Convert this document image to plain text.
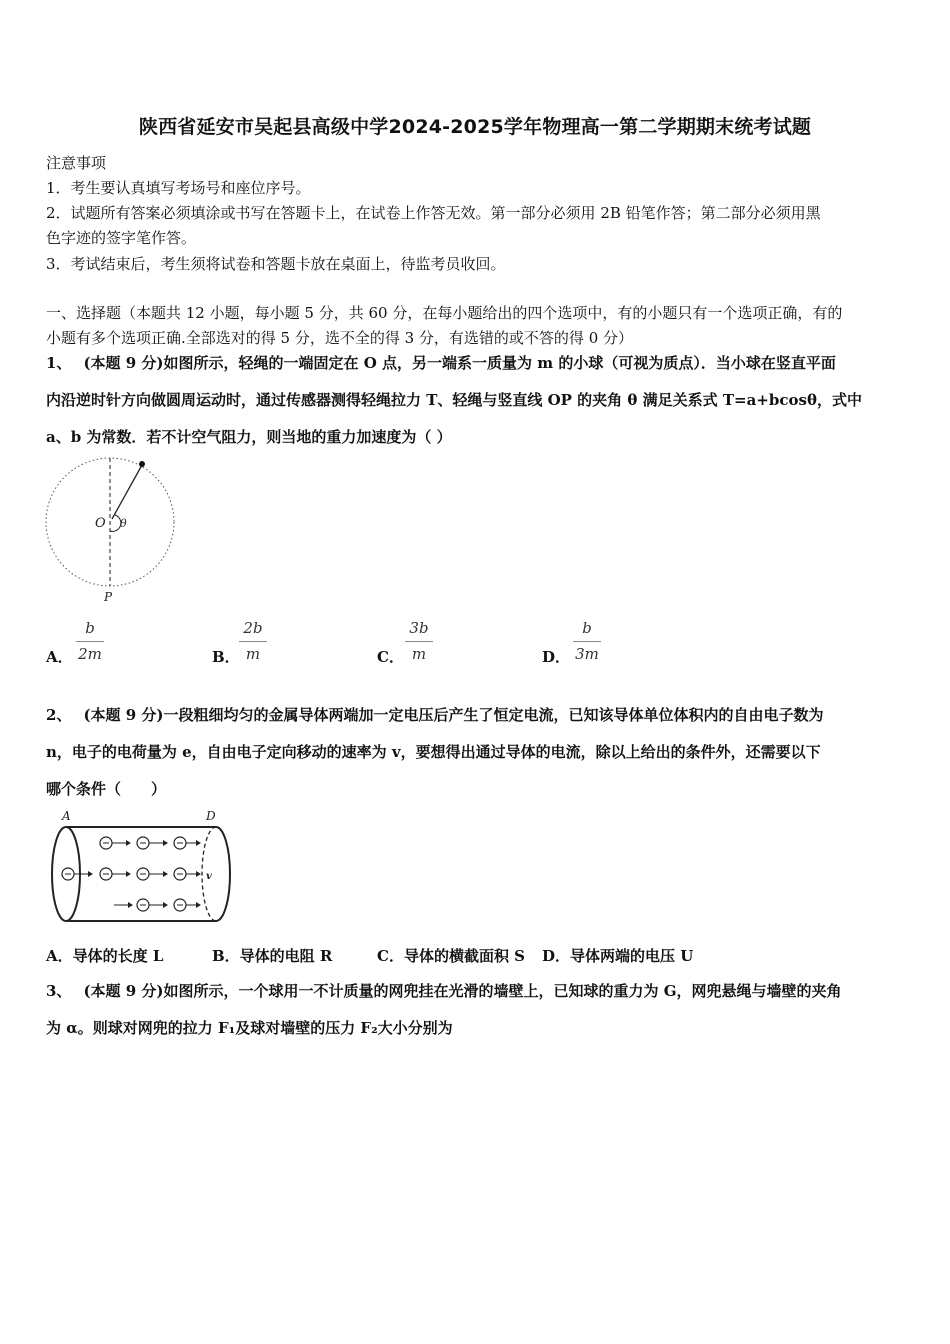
陕西省延安市吴起县高级中学2024-2025学年物理高一第二学期期末统考试题
注意事项
1．考生要认真填写考场号和座位序号。
2．试题所有答案必须填涂或书写在答题卡上，在试卷上作答无效。第一部分必须用 2B 铅笔作答；第二部分必须用黑
色字迹的签字笔作答。
3．考试结束后，考生须将试卷和答题卡放在桌面上，待监考员收回。
一、选择题（本题共 12 小题，每小题 5 分，共 60 分，在每小题给出的四个选项中，有的小题只有一个选项正确，有的
小题有多个选项正确.全部选对的得 5 分，选不全的得 3 分，有选错的或不答的得 0 分）
1、 (本题 9 分)如图所示，轻绳的一端固定在 O 点，另一端系一质量为 m 的小球（可视为质点）．当小球在竖直平面
内沿逆时针方向做圆周运动时，通过传感器测得轻绳拉力 T、轻绳与竖直线 OP 的夹角 θ 满足关系式 T=a+bcosθ，式中
a、b 为常数．若不计空气阻力，则当地的重力加速度为（ ）
O θ
P
A．
b
2m	B．
2b
m	C．
3b
m	D．
b
3m
2、 (本题 9 分)一段粗细均匀的金属导体两端加一定电压后产生了恒定电流，已知该导体单位体积内的自由电子数为
n，电子的电荷量为 e，自由电子定向移动的速率为 v，要想得出通过导体的电流，除以上给出的条件外，还需要以下
哪个条件（　　）
A	D
v
A．导体的长度 L	B．导体的电阻 R	C．导体的横截面积 S D．导体两端的电压 U
3、 (本题 9 分)如图所示，一个球用一不计质量的网兜挂在光滑的墙壁上，已知球的重力为 G，网兜悬绳与墙壁的夹角
为 α。则球对网兜的拉力 F₁及球对墙壁的压力 F₂大小分别为
